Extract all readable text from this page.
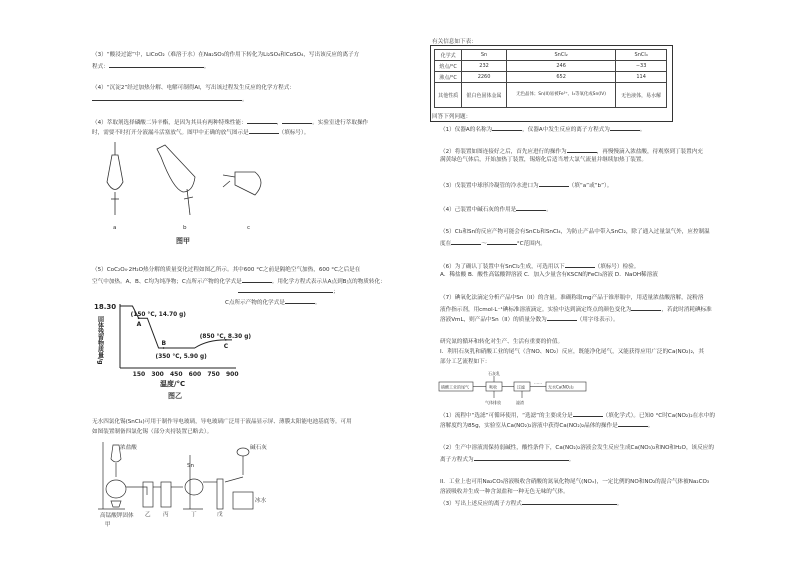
（3）“酸浸过滤”中，LiCoO₂（难溶于水）在Na₂SO₃的作用下转化为Li₂SO₄和CoSO₄，写出该反应的离子方
程式：	。
（4）“沉淀2”经过加热分解、电解可制得Al，写出该过程发生反应的化学方程式：
。
（4）萃取剂选择磷酸二异辛酯，是因为其具有两种特殊性能：	，	。实验室进行萃取操作
时，需要不时打开分液漏斗活塞放气。图甲中正确的放气图示是	（填标号）。
a	b	c
图甲
（5）CoC₂O₄·2H₂O热分解的质量变化过程如图乙所示。其中600 °C之前是隔绝空气加热，600 °C之后是在
空气中加热。A、B、C均为纯净物；C点所示产物的化学式是	。用化学方程式表示从A点到B点的物质转化：
；
C点所示产物的化学式是	。
18.30
固体残留物质量/g
150 300 450 600 750 900
温度/°C
A
(150 °C, 14.70 g)
B
(350 °C, 5.90 g)
C
(850 °C, 8.30 g)
无水四氯化锡(SnCl₄)可用于制作导电玻璃，导电玻璃广泛用于液晶显示屏、薄膜太阳能电池基底等。可用
如图装置制备四氯化锡（部分夹持装置已略去）。
浓盐酸
高锰酸钾固体
甲
乙 丙	丁	戊
Sn
冰水
碱石灰
有关信息如下表：
化学式	Sn	SnCl₂	SnCl₄
熔点/°C	232	246	−33
沸点/°C	2260	652	114
其他性质	银白色固体金属	无色晶体；Sn(II)易被Fe³⁺、I₂等氧化成Sn(IV)	无色液体，易水解
回答下列问题：
（1）仪器A的名称为	，仪器A中发生反应的离子方程式为	。
（2）将装置如图连接好之后，首先应进行的操作为	，再慢慢滴入浓盐酸，待观察到丁装置内充
满黄绿色气体后，开始加热丁装置，锡熔化后适当增大氯气流量并继续加热丁装置。
（3）戊装置中球形冷凝管的冷水进口为	（填“a”或“b”）。
（4）己装置中碱石灰的作用是	。
（5）Cl₂和Sn的反应产物可能会有SnCl₂和SnCl₄，为防止产品中带入SnCl₂，除了通入过量氯气外，应控制温
度在	～	°C范围内。
（6）为了确认丁装置中有SnCl₂生成，可选用以下	（填标号）检验。
A．稀盐酸 B．酸性高锰酸钾溶液 C．加入少量含有KSCN的FeCl₃溶液 D．NaOH稀溶液
（7）碘氧化法滴定分析产品中Sn（II）的含量。准确称取mg产品于锥形瓶中，用适量浓盐酸溶解，淀粉溶
液作指示剂，用cmol·L⁻¹碘标准溶液滴定。实验中达到滴定终点的颜色变化为	，若此时消耗碘标准
溶液VmL，则产品中Sn（II）的质量分数为	（用字母表示）。
研究氮的循环和转化对生产、生活有重要的价值。
I．利用石灰乳和硝酸工业的尾气（含NO、NO₂）反应，既能净化尾气，又能获得应用广泛的Ca(NO₂)₂，其
部分工艺流程如下：
硝酸工业的尾气	吸收	过滤
……
无水Ca(NO₂)₂
石灰乳
气体排放	滤渣
（1）流程中“选滤”可循环使用，“选滤”的主要成分是	（填化学式）。已知0 °C时Ca(NO₂)₂在水中的
溶解度约为85g，实验室从Ca(NO₂)₂溶液中获得Ca(NO₂)₂晶体的操作是	。
（2）生产中溶液需保持弱碱性，酸性条件下，Ca(NO₂)₂溶液会发生反应生成Ca(NO₃)₂和NO和H₂O，该反应的
离子方程式为	。
II．工业上也可用Na₂CO₃溶液吸收含硝酸的氮氧化物尾气(NOₓ)，一定比例的NO和NO₂的混合气体被Na₂CO₃
溶液吸收并生成一种含氮盐和一种无色无味的气体。
（3）写出上述反应的离子方程式	。
图乙
